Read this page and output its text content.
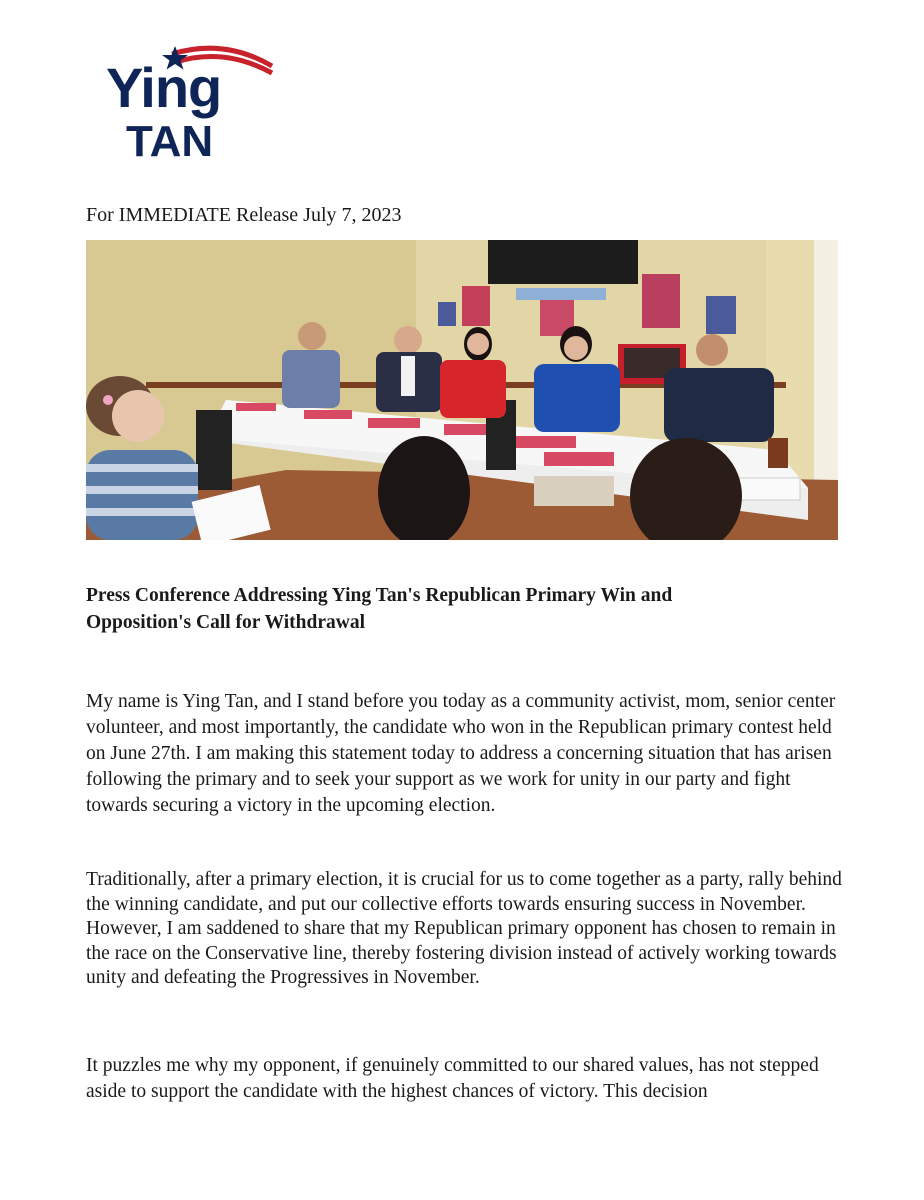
Ying
TAN
For IMMEDIATE Release July 7, 2023
Press Conference Addressing Ying Tan's Republican Primary Win and
Opposition's Call for Withdrawal

My name is Ying Tan, and I stand before you today as a community activist, mom, senior center volunteer, and most importantly, the candidate who won in the Republican primary contest held on June 27th. I am making this statement today to address a concerning situation that has arisen following the primary and to seek your support as we work for unity in our party and fight towards securing a victory in the upcoming election.

Traditionally, after a primary election, it is crucial for us to come together as a party, rally behind the winning candidate, and put our collective efforts towards ensuring success in November. However, I am saddened to share that my Republican primary opponent has chosen to remain in the race on the Conservative line, thereby fostering division instead of actively working towards unity and defeating the Progressives in November.

It puzzles me why my opponent, if genuinely committed to our shared values, has not stepped aside to support the candidate with the highest chances of victory. This decision
